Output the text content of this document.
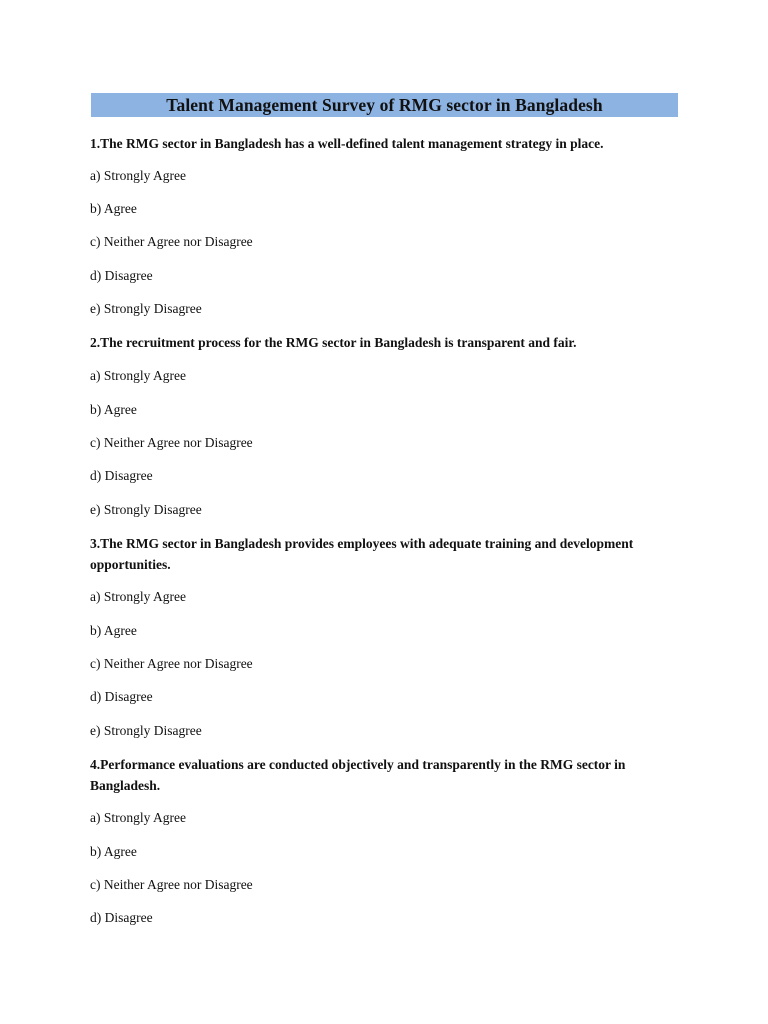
Talent Management Survey of RMG sector in Bangladesh

1.The RMG sector in Bangladesh has a well-defined talent management strategy in place.

a) Strongly Agree

b) Agree

c) Neither Agree nor Disagree

d) Disagree

e) Strongly Disagree

2.The recruitment process for the RMG sector in Bangladesh is transparent and fair.

a) Strongly Agree

b) Agree

c) Neither Agree nor Disagree

d) Disagree

e) Strongly Disagree

3.The RMG sector in Bangladesh provides employees with adequate training and development opportunities.

a) Strongly Agree

b) Agree

c) Neither Agree nor Disagree

d) Disagree

e) Strongly Disagree

4.Performance evaluations are conducted objectively and transparently in the RMG sector in Bangladesh.

a) Strongly Agree

b) Agree

c) Neither Agree nor Disagree

d) Disagree
